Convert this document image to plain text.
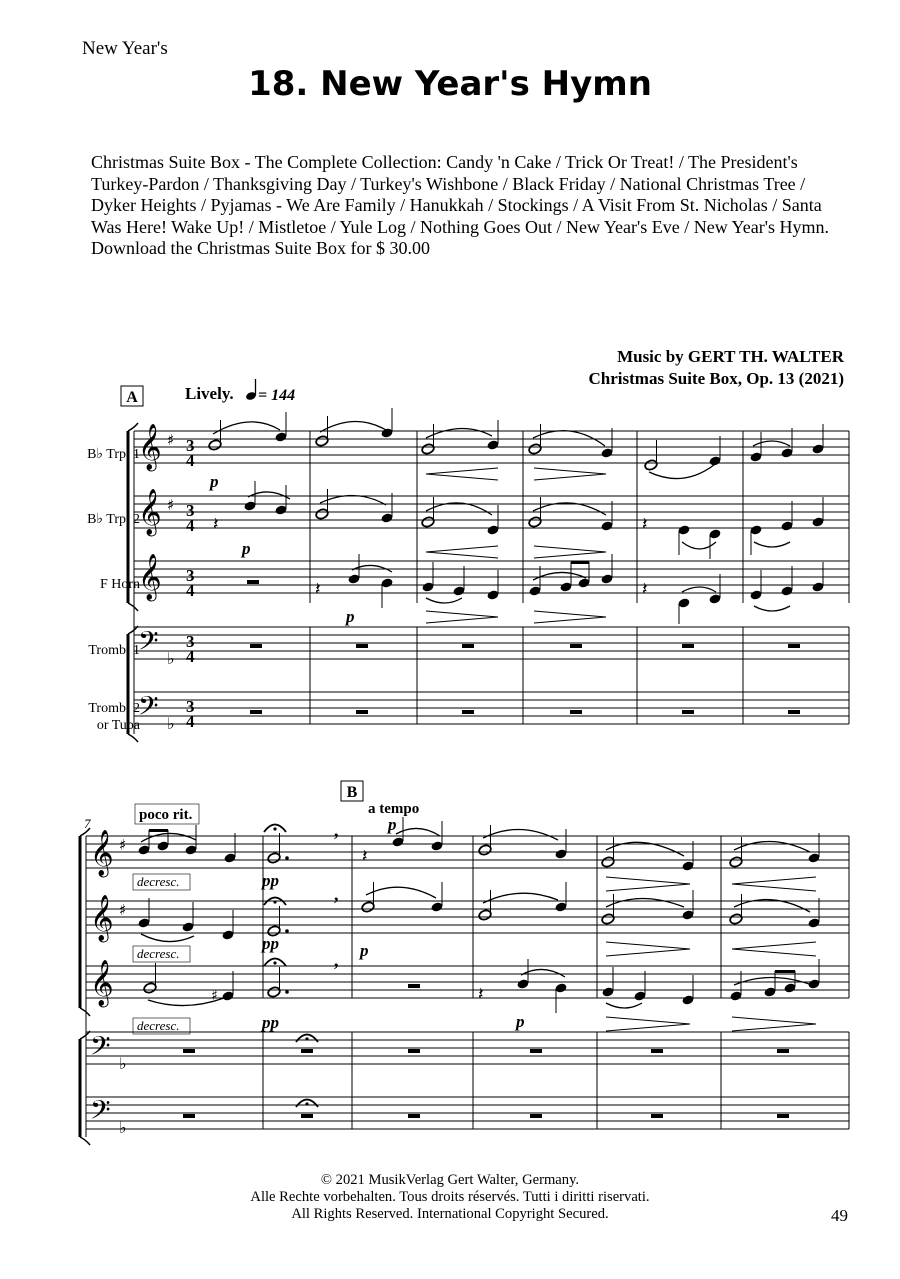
New Year's
18. New Year's Hymn
Christmas Suite Box - The Complete Collection: Candy 'n Cake / Trick Or Treat! / The President's Turkey-Pardon / Thanksgiving Day / Turkey's Wishbone / Black Friday / National Christmas Tree / Dyker Heights / Pyjamas - We Are Family / Hanukkah / Stockings / A Visit From St. Nicholas / Santa Was Here! Wake Up! / Mistletoe / Yule Log / Nothing Goes Out / New Year's Eve / New Year's Hymn. Download the Christmas Suite Box for $ 30.00
Music by GERT TH. WALTER
Christmas Suite Box, Op. 13 (2021)
A	Lively. = 144
B♭ Trp. 1
B♭ Trp. 2
F Horn
Tromb. 1
Tromb. 2
or Tuba
𝄞
𝄞
𝄞
𝄢
𝄢
♯
♯
♭
♭
3
4
3
4
3
4
3
4
3
4
p
𝄽
p
𝄽
𝄽
p
𝄽
B
a tempo
poco rit.
7
𝄞
𝄞
𝄞
𝄢
𝄢
♯
♯
♭
♭
decresc.	pp
,
𝄽
p
decresc.
pp
,
p
♯
decresc.	pp
,
𝄽
p
© 2021 MusikVerlag Gert Walter, Germany.
Alle Rechte vorbehalten. Tous droits réservés. Tutti i diritti riservati.
All Rights Reserved. International Copyright Secured.	49
